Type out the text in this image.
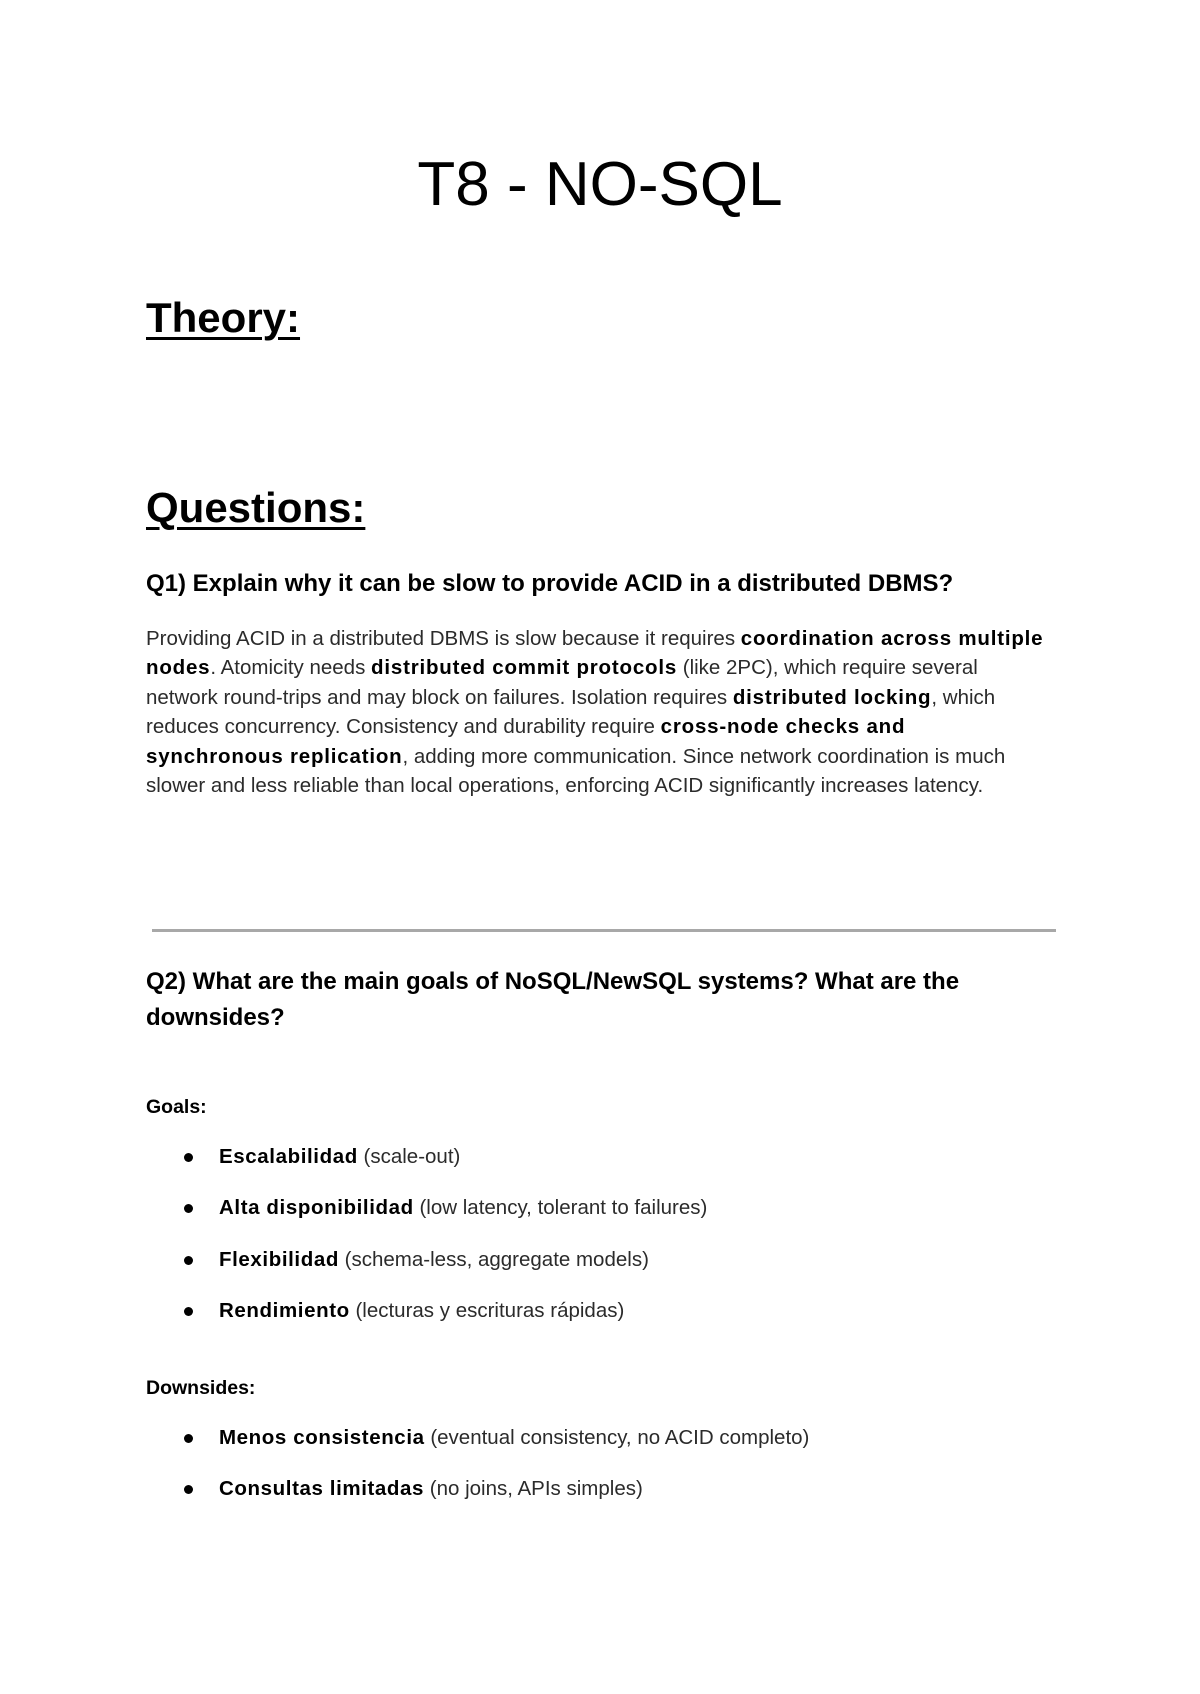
T8 - NO-SQL
Theory:
Questions:
Q1) Explain why it can be slow to provide ACID in a distributed DBMS?

Providing ACID in a distributed DBMS is slow because it requires coordination across multiple nodes. Atomicity needs distributed commit protocols (like 2PC), which require several network round-trips and may block on failures. Isolation requires distributed locking, which reduces concurrency. Consistency and durability require cross-node checks and synchronous replication, adding more communication. Since network coordination is much slower and less reliable than local operations, enforcing ACID significantly increases latency.

Q2) What are the main goals of NoSQL/NewSQL systems? What are the downsides?

Goals:

Escalabilidad (scale-out)
Alta disponibilidad (low latency, tolerant to failures)
Flexibilidad (schema-less, aggregate models)
Rendimiento (lecturas y escrituras rápidas)

Downsides:

Menos consistencia (eventual consistency, no ACID completo)
Consultas limitadas (no joins, APIs simples)
